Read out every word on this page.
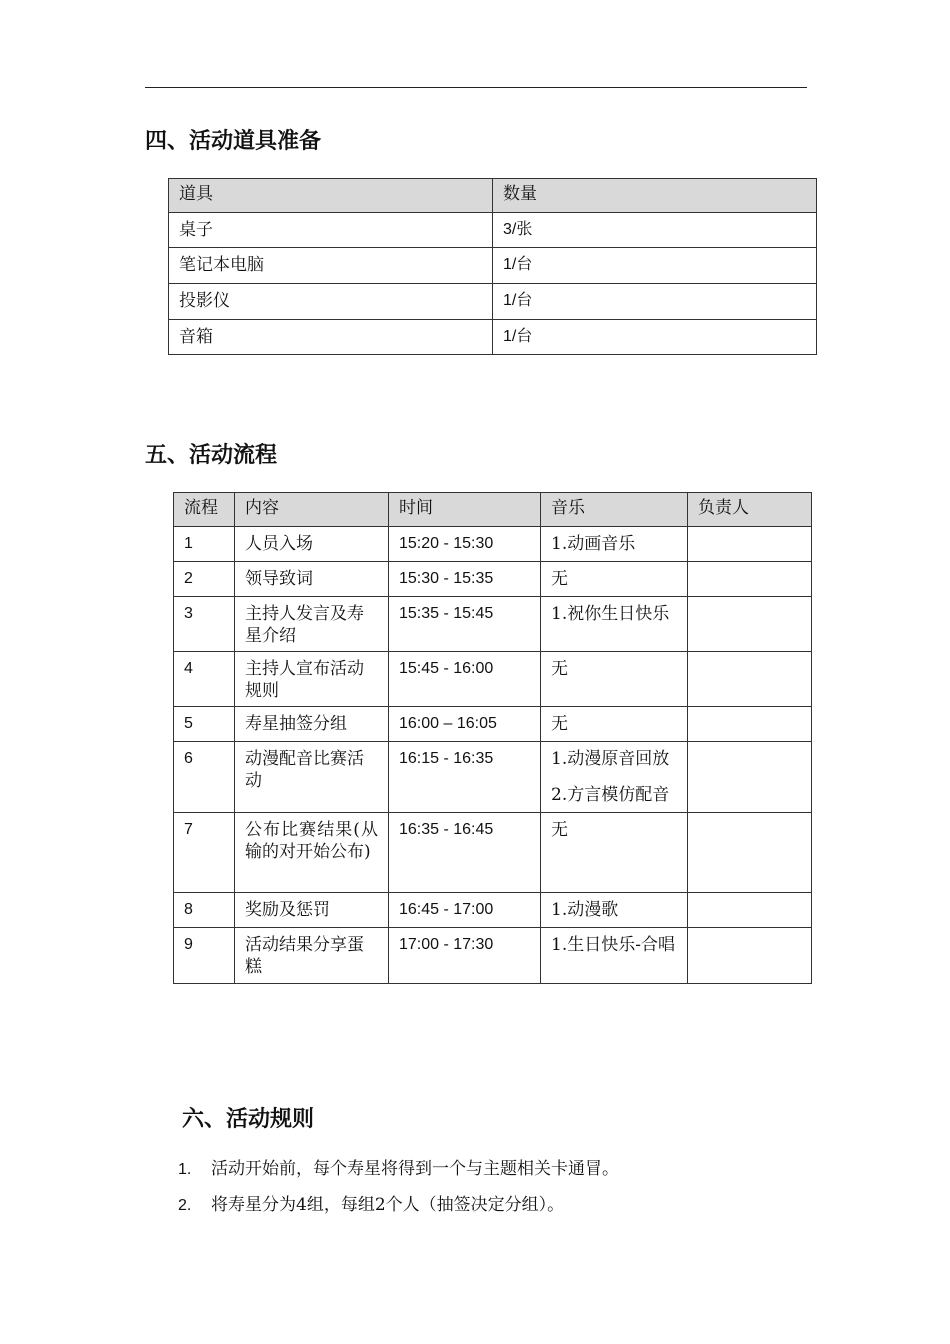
四、活动道具准备
道具	数量
桌子	3/张
笔记本电脑	1/台
投影仪	1/台
音箱	1/台
五、活动流程
流程	内容	时间	音乐	负责人
1	人员入场	15:20 - 15:30	1.动画音乐	
2	领导致词	15:30 - 15:35	无	
3	主持人发言及寿星介绍	15:35 - 15:45	1.祝你生日快乐	
4	主持人宣布活动规则	15:45 - 16:00	无	
5	寿星抽签分组	16:00 – 16:05	无	
6	动漫配音比赛活动	16:15 - 16:35	1.动漫原音回放
2.方言模仿配音	

7	公布比赛结果(从输的对开始公布)	16:35 - 16:45	无	
8	奖励及惩罚	16:45 - 17:00	1.动漫歌	
9	活动结果分享蛋糕	17:00 - 17:30	1.生日快乐-合唱	
六、活动规则
1. 活动开始前，每个寿星将得到一个与主题相关卡通冒。
2. 将寿星分为4组，每组2个人（抽签决定分组）。
